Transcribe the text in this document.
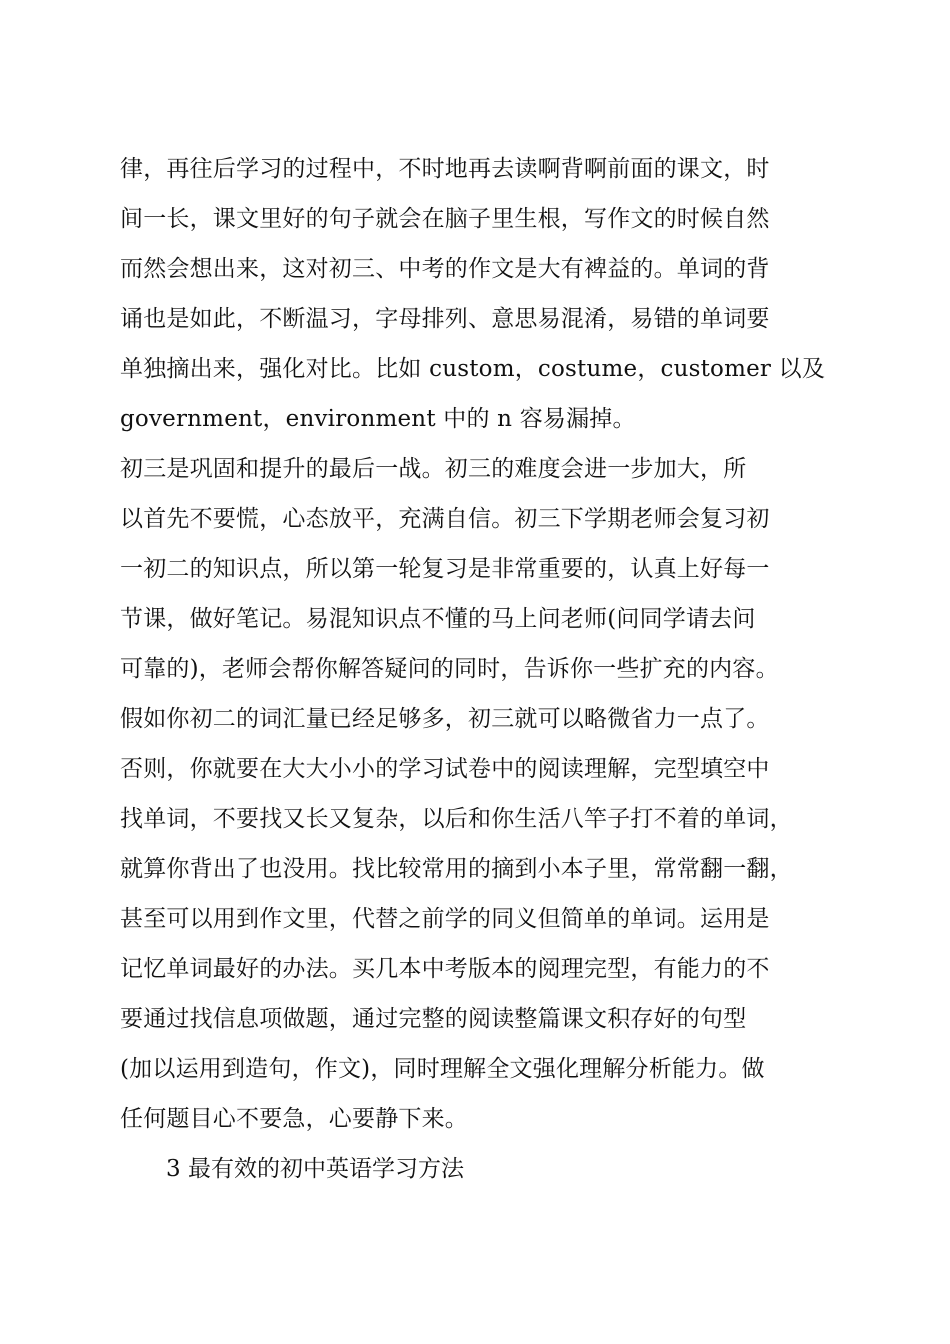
律，再往后学习的过程中，不时地再去读啊背啊前面的课文，时
间一长，课文里好的句子就会在脑子里生根，写作文的时候自然
而然会想出来，这对初三、中考的作文是大有裨益的。单词的背
诵也是如此，不断温习，字母排列、意思易混淆，易错的单词要
单独摘出来，强化对比。比如 custom，costume，customer 以及
government，environment 中的 n 容易漏掉。
初三是巩固和提升的最后一战。初三的难度会进一步加大，所
以首先不要慌，心态放平，充满自信。初三下学期老师会复习初
一初二的知识点，所以第一轮复习是非常重要的，认真上好每一
节课，做好笔记。易混知识点不懂的马上问老师(问同学请去问
可靠的)，老师会帮你解答疑问的同时，告诉你一些扩充的内容。
假如你初二的词汇量已经足够多，初三就可以略微省力一点了。
否则，你就要在大大小小的学习试卷中的阅读理解，完型填空中
找单词，不要找又长又复杂，以后和你生活八竿子打不着的单词，
就算你背出了也没用。找比较常用的摘到小本子里，常常翻一翻，
甚至可以用到作文里，代替之前学的同义但简单的单词。运用是
记忆单词最好的办法。买几本中考版本的阅理完型，有能力的不
要通过找信息项做题，通过完整的阅读整篇课文积存好的句型
(加以运用到造句，作文)，同时理解全文强化理解分析能力。做
任何题目心不要急，心要静下来。
3 最有效的初中英语学习方法
